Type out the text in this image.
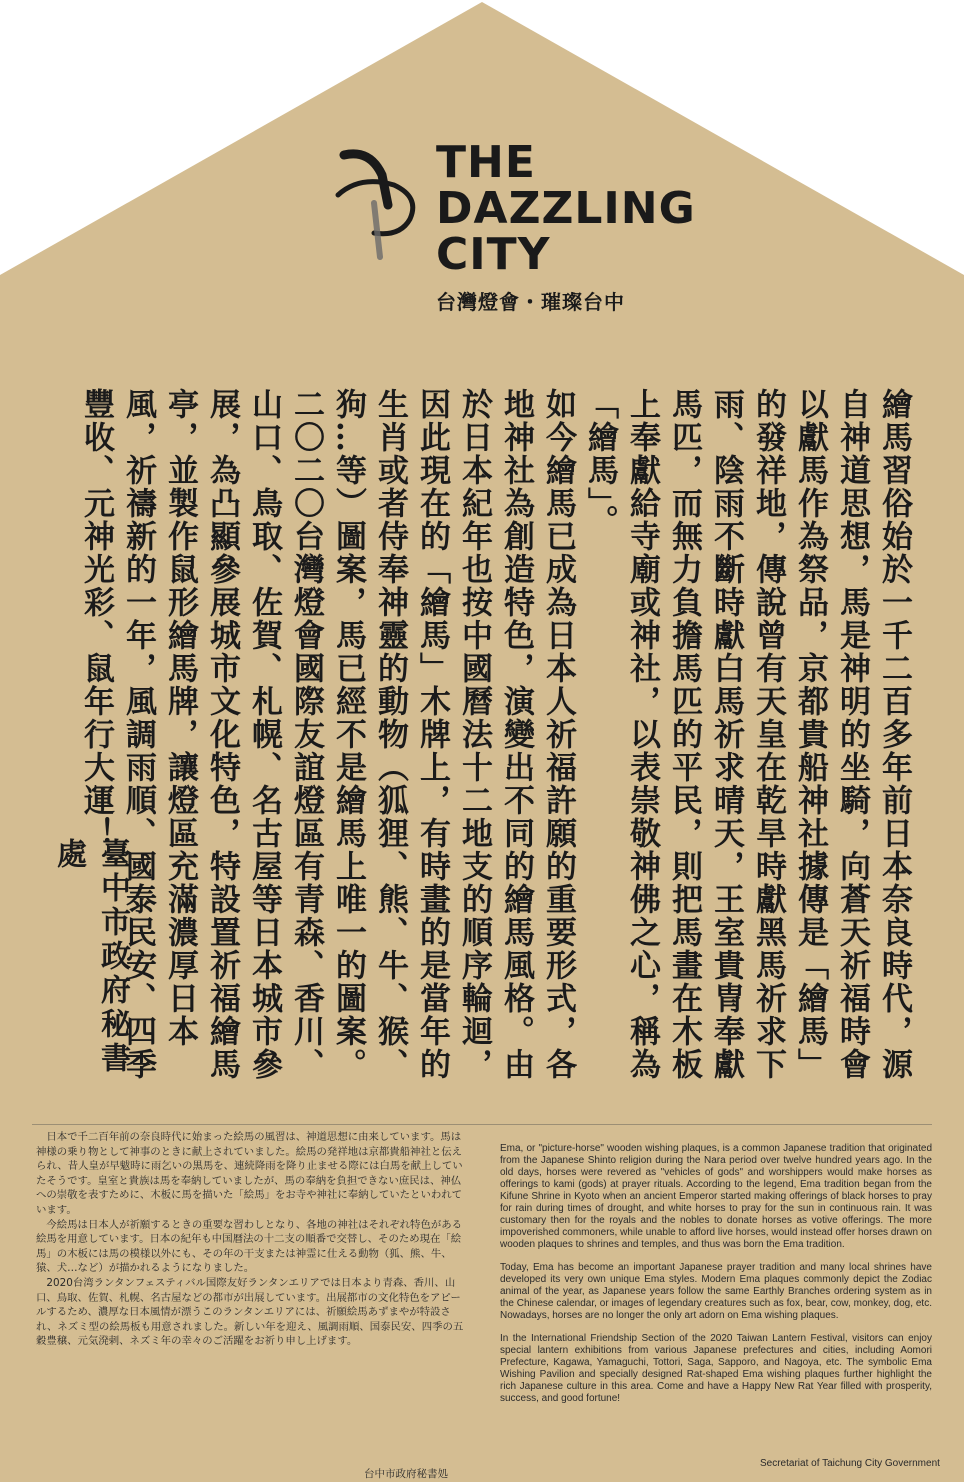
THE
DAZZLING
CITY
台灣燈會・璀璨台中

繪馬習俗始於一千二百多年前日本奈良時代，源自神道思想，馬是神明的坐騎，向蒼天祈福時會以獻馬作為祭品，京都貴船神社據傳是「繪馬」的發祥地，傳說曾有天皇在乾旱時獻黑馬祈求下雨、陰雨不斷時獻白馬祈求晴天，王室貴冑奉獻馬匹，而無力負擔馬匹的平民，則把馬畫在木板上奉獻給寺廟或神社，以表崇敬神佛之心，稱為「繪馬」。

如今繪馬已成為日本人祈福許願的重要形式，各地神社為創造特色，演變出不同的繪馬風格。由於日本紀年也按中國曆法十二地支的順序輪迴，因此現在的「繪馬」木牌上，有時畫的是當年的生肖或者侍奉神靈的動物（狐狸、熊、牛、猴、狗…等）圖案，馬已經不是繪馬上唯一的圖案。

二〇二〇台灣燈會國際友誼燈區有青森、香川、山口、鳥取、佐賀、札幌、名古屋等日本城市參展，為凸顯參展城市文化特色，特設置祈福繪馬亭，並製作鼠形繪馬牌，讓燈區充滿濃厚日本風，祈禱新的一年，風調雨順、國泰民安、四季豐收、元神光彩、鼠年行大運！

臺中市政府秘書處

日本で千二百年前の奈良時代に始まった絵馬の風習は、神道思想に由来しています。馬は神様の乗り物として神事のときに献上されていました。絵馬の発祥地は京都貴船神社と伝えられ、昔人皇が早魃時に雨乞いの黒馬を、連続降雨を降り止ませる際には白馬を献上していたそうです。皇室と貴族は馬を奉納していましたが、馬の奉納を負担できない庶民は、神仏への崇敬を表すために、木板に馬を描いた「絵馬」をお寺や神社に奉納していたといわれています。

今絵馬は日本人が祈願するときの重要な習わしとなり、各地の神社はそれぞれ特色がある絵馬を用意しています。日本の紀年も中国暦法の十二支の順番で交替し、そのため現在「絵馬」の木板には馬の模様以外にも、その年の干支または神霊に仕える動物（狐、熊、牛、猿、犬…など）が描かれるようになりました。

2020台湾ランタンフェスティバル国際友好ランタンエリアでは日本より青森、香川、山口、鳥取、佐賀、札幌、名古屋などの都市が出展しています。出展都市の文化特色をアピールするため、濃厚な日本風情が漂うこのランタンエリアには、祈願絵馬あずまやが特設され、ネズミ型の絵馬板も用意されました。新しい年を迎え、風調雨順、国泰民安、四季の五穀豊穣、元気溌剌、ネズミ年の幸々のご活躍をお祈り申し上げます。

台中市政府秘書処

Ema, or "picture-horse" wooden wishing plaques, is a common Japanese tradition that originated from the Japanese Shinto religion during the Nara period over twelve hundred years ago. In the old days, horses were revered as "vehicles of gods" and worshippers would make horses as offerings to kami (gods) at prayer rituals. According to the legend, Ema tradition began from the Kifune Shrine in Kyoto when an ancient Emperor started making offerings of black horses to pray for rain during times of drought, and white horses to pray for the sun in continuous rain. It was customary then for the royals and the nobles to donate horses as votive offerings. The more impoverished commoners, while unable to afford live horses, would instead offer horses drawn on wooden plaques to shrines and temples, and thus was born the Ema tradition.

Today, Ema has become an important Japanese prayer tradition and many local shrines have developed its very own unique Ema styles. Modern Ema plaques commonly depict the Zodiac animal of the year, as Japanese years follow the same Earthly Branches ordering system as in the Chinese calendar, or images of legendary creatures such as fox, bear, cow, monkey, dog, etc. Nowadays, horses are no longer the only art adorn on Ema wishing plaques.

In the International Friendship Section of the 2020 Taiwan Lantern Festival, visitors can enjoy special lantern exhibitions from various Japanese prefectures and cities, including Aomori Prefecture, Kagawa, Yamaguchi, Tottori, Saga, Sapporo, and Nagoya, etc. The symbolic Ema Wishing Pavilion and specially designed Rat-shaped Ema wishing plaques further highlight the rich Japanese culture in this area. Come and have a Happy New Rat Year filled with prosperity, success, and good fortune!

Secretariat of Taichung City Government
